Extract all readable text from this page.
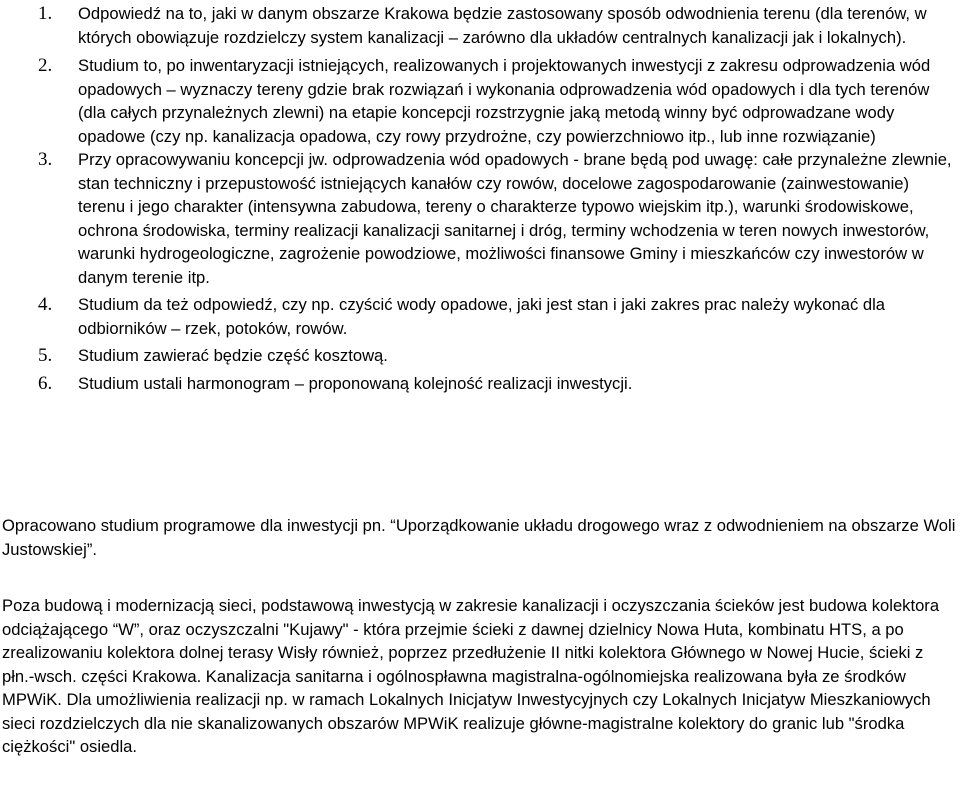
1. Odpowiedź na to, jaki w danym obszarze Krakowa będzie zastosowany sposób odwodnienia terenu (dla terenów, w których obowiązuje rozdzielczy system kanalizacji – zarówno dla układów centralnych kanalizacji jak i lokalnych).
2. Studium to, po inwentaryzacji istniejących, realizowanych i projektowanych inwestycji z zakresu odprowadzenia wód opadowych – wyznaczy tereny gdzie brak rozwiązań i wykonania odprowadzenia wód opadowych i dla tych terenów (dla całych przynależnych zlewni) na etapie koncepcji rozstrzygnie jaką metodą winny być odprowadzane wody opadowe (czy np. kanalizacja opadowa, czy rowy przydrożne, czy powierzchniowo itp., lub inne rozwiązanie)
3. Przy opracowywaniu koncepcji jw. odprowadzenia wód opadowych - brane będą pod uwagę: całe przynależne zlewnie, stan techniczny i przepustowość istniejących kanałów czy rowów, docelowe zagospodarowanie (zainwestowanie) terenu i jego charakter (intensywna zabudowa, tereny o charakterze typowo wiejskim itp.), warunki środowiskowe, ochrona środowiska, terminy realizacji kanalizacji sanitarnej i dróg, terminy wchodzenia w teren nowych inwestorów, warunki hydrogeologiczne, zagrożenie powodziowe, możliwości finansowe Gminy i mieszkańców czy inwestorów w danym terenie itp.
4. Studium da też odpowiedź, czy np. czyścić wody opadowe, jaki jest stan i jaki zakres prac należy wykonać dla odbiorników – rzek, potoków, rowów.
5. Studium zawierać będzie część kosztową.
6. Studium ustali harmonogram – proponowaną kolejność realizacji inwestycji.

Opracowano studium programowe dla inwestycji pn. “Uporządkowanie układu drogowego wraz z odwodnieniem na obszarze Woli Justowskiej”.

Poza budową i modernizacją sieci, podstawową inwestycją w zakresie kanalizacji i oczyszczania ścieków jest budowa kolektora odciążającego “W”, oraz oczyszczalni "Kujawy" - która przejmie ścieki z dawnej dzielnicy Nowa Huta, kombinatu HTS, a po zrealizowaniu kolektora dolnej terasy Wisły również, poprzez przedłużenie II nitki kolektora Głównego w Nowej Hucie, ścieki z płn.-wsch. części Krakowa. Kanalizacja sanitarna i ogólnospławna magistralna-ogólnomiejska realizowana była ze środków MPWiK. Dla umożliwienia realizacji np. w ramach Lokalnych Inicjatyw Inwestycyjnych czy Lokalnych Inicjatyw Mieszkaniowych sieci rozdzielczych dla nie skanalizowanych obszarów MPWiK realizuje główne-magistralne kolektory do granic lub "środka ciężkości" osiedla.
